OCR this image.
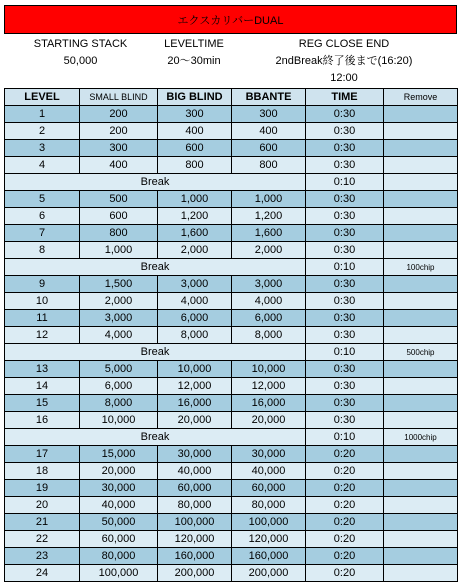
エクスカリバーDUAL
STARTING STACK	LEVELTIME	REG CLOSE END
50,000	20～30min	2ndBreak終了後まで(16:20)
12:00
LEVEL	SMALL BLIND	BIG BLIND	BBANTE	TIME	Remove
1	200	300	300	0:30	
2	200	400	400	0:30	
3	300	600	600	0:30	
4	400	800	800	0:30	
Break				0:10	
5	500	1,000	1,000	0:30	
6	600	1,200	1,200	0:30	
7	800	1,600	1,600	0:30	
8	1,000	2,000	2,000	0:30	
Break				0:10	100chip
9	1,500	3,000	3,000	0:30	
10	2,000	4,000	4,000	0:30	
11	3,000	6,000	6,000	0:30	
12	4,000	8,000	8,000	0:30	
Break				0:10	500chip
13	5,000	10,000	10,000	0:30	
14	6,000	12,000	12,000	0:30	
15	8,000	16,000	16,000	0:30	
16	10,000	20,000	20,000	0:30	
Break				0:10	1000chip
17	15,000	30,000	30,000	0:20	
18	20,000	40,000	40,000	0:20	
19	30,000	60,000	60,000	0:20	
20	40,000	80,000	80,000	0:20	
21	50,000	100,000	100,000	0:20	
22	60,000	120,000	120,000	0:20	
23	80,000	160,000	160,000	0:20	
24	100,000	200,000	200,000	0:20	
